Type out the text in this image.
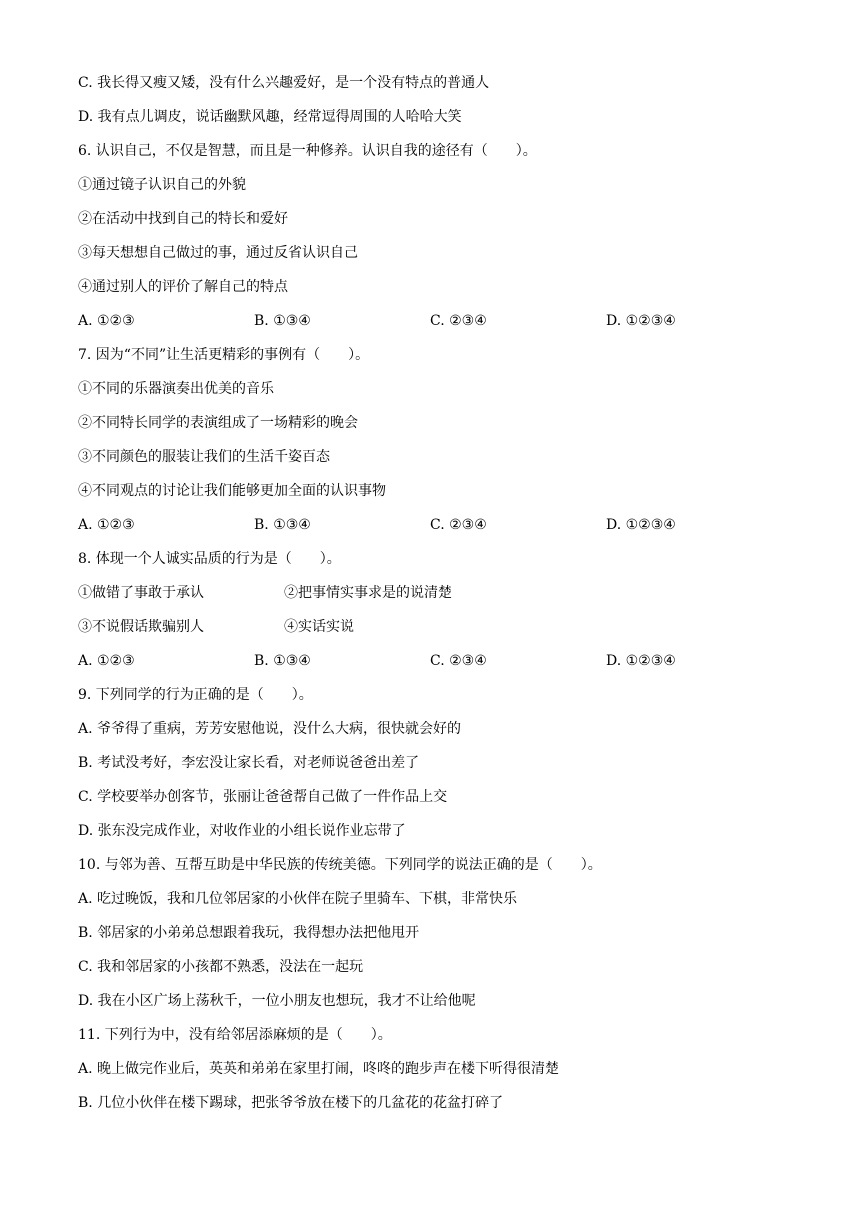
C. 我长得又瘦又矮，没有什么兴趣爱好，是一个没有特点的普通人
D. 我有点儿调皮，说话幽默风趣，经常逗得周围的人哈哈大笑
6. 认识自己，不仅是智慧，而且是一种修养。认识自我的途径有（　　）。
①通过镜子认识自己的外貌
②在活动中找到自己的特长和爱好
③每天想想自己做过的事，通过反省认识自己
④通过别人的评价了解自己的特点
A. ①②③	B. ①③④	C. ②③④	D. ①②③④
7. 因为“不同”让生活更精彩的事例有（　　）。
①不同的乐器演奏出优美的音乐
②不同特长同学的表演组成了一场精彩的晚会
③不同颜色的服装让我们的生活千姿百态
④不同观点的讨论让我们能够更加全面的认识事物
A. ①②③	B. ①③④	C. ②③④	D. ①②③④
8. 体现一个人诚实品质的行为是（　　）。
①做错了事敢于承认	②把事情实事求是的说清楚
③不说假话欺骗别人	④实话实说
A. ①②③	B. ①③④	C. ②③④	D. ①②③④
9. 下列同学的行为正确的是（　　）。
A. 爷爷得了重病，芳芳安慰他说，没什么大病，很快就会好的
B. 考试没考好，李宏没让家长看，对老师说爸爸出差了
C. 学校要举办创客节，张丽让爸爸帮自己做了一件作品上交
D. 张东没完成作业，对收作业的小组长说作业忘带了
10. 与邻为善、互帮互助是中华民族的传统美德。下列同学的说法正确的是（　　）。
A. 吃过晚饭，我和几位邻居家的小伙伴在院子里骑车、下棋，非常快乐
B. 邻居家的小弟弟总想跟着我玩，我得想办法把他甩开
C. 我和邻居家的小孩都不熟悉，没法在一起玩
D. 我在小区广场上荡秋千，一位小朋友也想玩，我才不让给他呢
11. 下列行为中，没有给邻居添麻烦的是（　　）。
A. 晚上做完作业后，英英和弟弟在家里打闹，咚咚的跑步声在楼下听得很清楚
B. 几位小伙伴在楼下踢球，把张爷爷放在楼下的几盆花的花盆打碎了
